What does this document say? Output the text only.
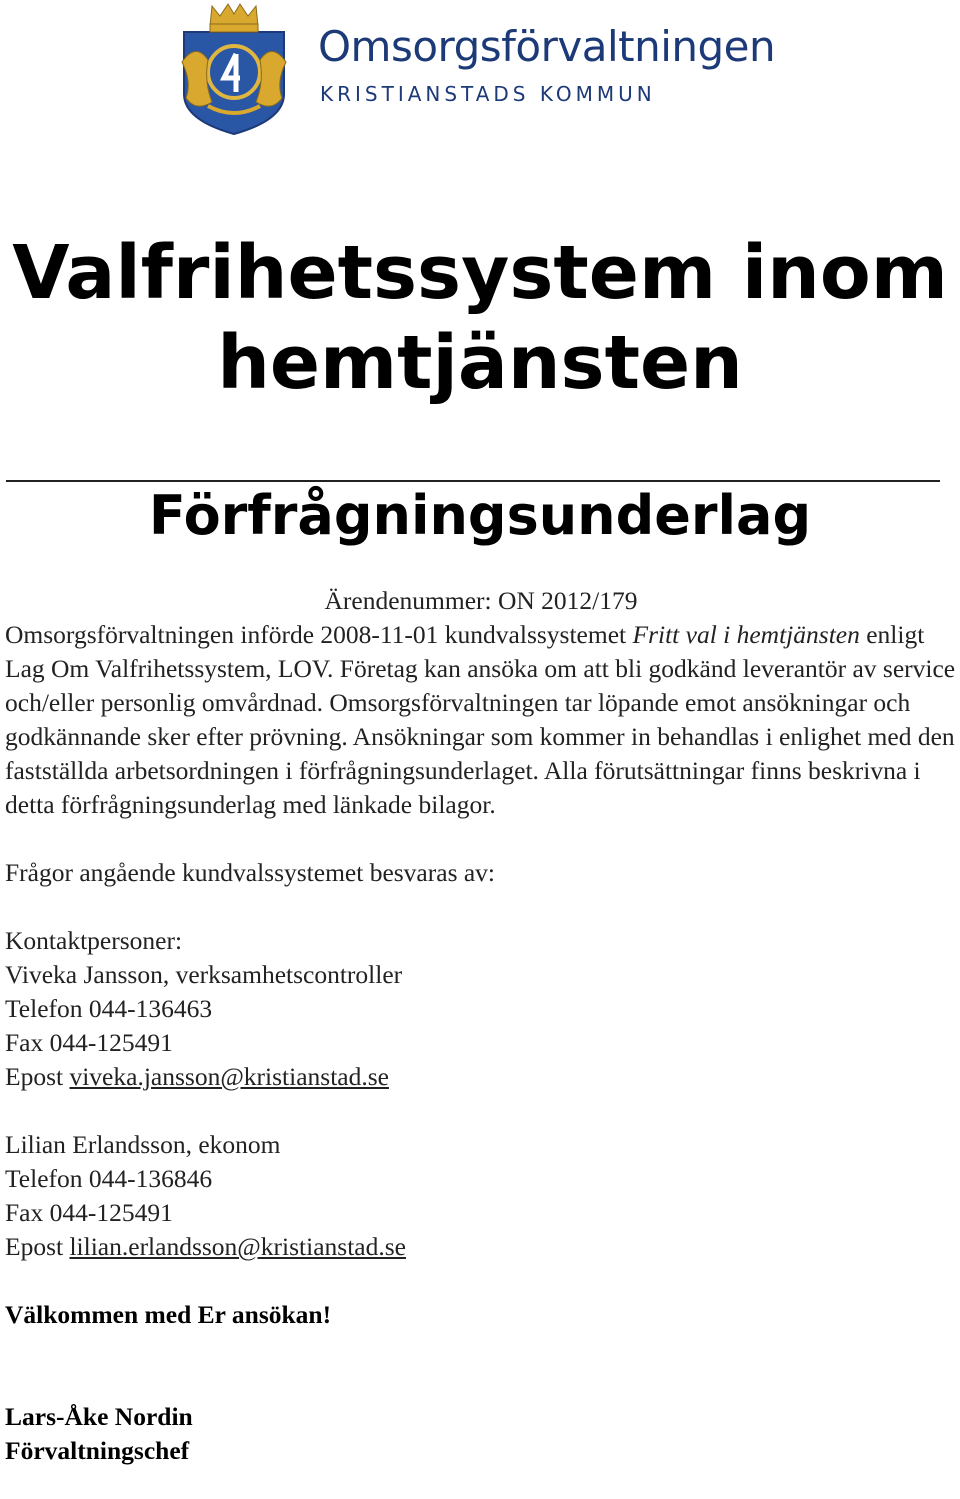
Omsorgsförvaltningen
KRISTIANSTADS KOMMUN
Valfrihetssystem inom
hemtjänsten
Förfrågningsunderlag
Ärendenummer: ON 2012/179
Omsorgsförvaltningen införde 2008-11-01 kundvalssystemet Fritt val i hemtjänsten enligt Lag Om Valfrihetssystem, LOV. Företag kan ansöka om att bli godkänd leverantör av service och/eller personlig omvårdnad. Omsorgsförvaltningen tar löpande emot ansökningar och godkännande sker efter prövning. Ansökningar som kommer in behandlas i enlighet med den fastställda arbetsordningen i förfrågningsunderlaget. Alla förutsättningar finns beskrivna i detta förfrågningsunderlag med länkade bilagor.
Frågor angående kundvalssystemet besvaras av:
Kontaktpersoner:
Viveka Jansson, verksamhetscontroller
Telefon 044-136463
Fax 044-125491
Epost viveka.jansson@kristianstad.se
Lilian Erlandsson, ekonom
Telefon 044-136846
Fax 044-125491
Epost lilian.erlandsson@kristianstad.se
Välkommen med Er ansökan!
Lars-Åke Nordin
Förvaltningschef
